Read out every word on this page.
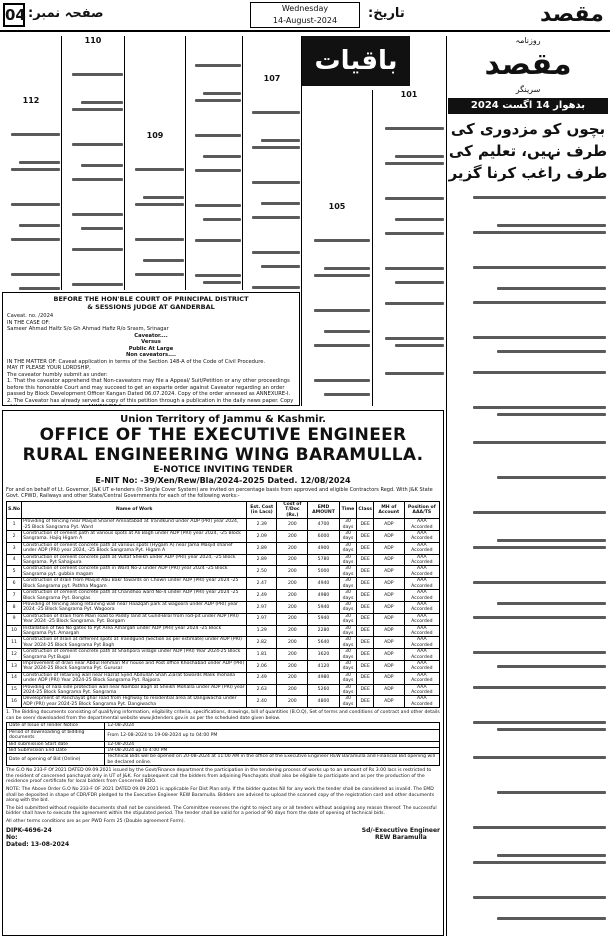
04 صفحہ نمبر:	Wednesday
14-August-2024	تاریخ:	مقصد
112
110
109
107
باقیات
105
101
روزنامہ
مقصد
سرینگر
بدھوار 14 اگست 2024
بچوں کو مزدوری کی طرف نہیں، تعلیم کی طرف راغب کرنا گزیر
BEFORE THE HON'BLE COURT OF PRINCIPAL DISTRICT
& SESSIONS JUDGE AT GANDERBAL
Caveat. no. /2024
IN THE CASE OF:
Sameer Ahmad Halfz S/o Gh Ahmad Hafiz R/o Srasm, Srinagar
Caveator....
Versus
Public At Large
Non caveators....
IN THE MATTER OF: Caveat application in terms of the Section 148-A of the Code of Civil Procedure.
MAY IT PLEASE YOUR LORDSHIP,
The caveator humbly submit as under:
1. That the caveator apprehend that Non-caveators may file a Appeal/ Suit/Petition or any other proceedings before this honorable Court and may succeed to get an exparte order against Caveator regarding an order passed by Block Development Officer Kangan Dated 06.07.2024. Copy of the order annexed as ANNEXURE-I.
2. The Caveator has already served a copy of this petition through a publication in the daily news paper. Copy
Union Territory of Jammu & Kashmir.
OFFICE OF THE EXECUTIVE ENGINEER
RURAL ENGINEERING WING BARAMULLA.
E-NOTICE INVITING TENDER
E-NIT No: -39/Xen/Rew/Bla/2024-2025 Dated. 12/08/2024
For and on behalf of Lt. Governor, J&K UT e-tenders (In Single Cover System) are invited on percentage basis from approved and eligible Contractors Regd. With J&K State Govt. CPWD, Railways and other State/Central Governments for each of the following works:-
S.No	Name of Work	Est. Cost (in Lacs)	Cost of T/Doc (Rs.)	EMD AMOUNT	Time	Class	MH of Account	Position of AAA/TS
1	Providing of fencing near Masjid Sharief Amnatabad at Trandkund under ADP (PRI) year 2024, -25 Block Sangrama Pyt. Ward	2.39	200	4700	30 days	DEE	ADP	AAA Accorded
2	Construction of cement path at various spots at Ali Bagh under ADP (PRI) year 2024, -25 Block Sangrama. Hajiq Higam A	2.09	200	6000	30 days	DEE	ADP	AAA Accorded
3	Construction of cement concrete path at various spots (Hygam A) near Jama Masjid sharief under ADP (PRI) year 2024, -25 Block Sangrama Pyt. Higam A	2.89	200	4900	30 days	DEE	ADP	AAA Accorded
4	Construction of cement concrete path at Vultaf Sheikh under ADP (PRI) year 2024, -25 Block Sangrama. Pyt Sahajpura	2.89	200	5780	30 days	DEE	ADP	AAA Accorded
5	Construction of cement concrete path in Ward No-2 under ADP (PRI) year 2024 -25 Block Sangrama pyt. gubbia magam	2.50	200	5000	30 days	DEE	ADP	AAA Accorded
6	Construction of drain from Masjid Abu Bakr towards on Chowri under ADP (PRI) year 2024 -25 Block Sangrama pyt. Pathha Magam	2.47	200	4940	30 days	DEE	ADP	AAA Accorded
7	Construction of cement concrete path at Chandhoo ward No-4 under ADP (PRI) year 2024 -25 Block Sangrama Pyt. Bonglas	2.49	200	4980	30 days	DEE	ADP	AAA Accorded
8	Providing of fencing along retaining wall near Haazqah park at wagoora under ADP (PRI) year 2024 -25 Block Sangrama Pyt. Wagoora	2.97	200	5940	30 days	DEE	ADP	AAA Accorded
9	Construction of drain from Main road to Paddy land at Gund-Bilal from rod-pit under ADP (PRI) Year 2024 -25 Block Sangrama. Pyt. Borgam	2.97	200	5940	30 days	DEE	ADP	AAA Accorded
10	Installation of two No gates to Pyt Area Amargah under ADP (PRI) year 2024 -25 Block Sangrama Pyt. Amargah	1.29	200	2280	30 days	DEE	ADP	AAA Accorded
11	Construction of drain at different spots at Trandgund (Section as per estimate) under ADP (PRI) Year 2024-25 Block Sangrama Pyt Bagh	2.82	200	5640	30 days	DEE	ADP	AAA Accorded
12	Construction of cement concrete path at Shahpora village under ADP (PRI) Year 2024-25 Block Sangrama Pyt Bugal	1.81	200	3620	30 days	DEE	ADP	AAA Accorded
13	Improvement of drain near Abdul Rehman Mir house and Post office Khoshabad under ADP (PRI) Year 2024-25 Block Sangrama Pyt. Gurusar	2.06	200	4120	30 days	DEE	ADP	AAA Accorded
14	Construction of retaining wall near Hazrat Syed Abdullah Shah Ziarat towards Malik mohalla under ADP (PRI) Year 2024-25 Block Sangrama Pyt. Rajpora	2.49	200	4980	30 days	DEE	ADP	AAA Accorded
15	Providing of nala side protection wall near Nambal Bagh at Sheikh Mohalla under ADP (PRI) year 2024-25 Block Sangrama Pyt. Sangrama	2.63	200	5260	30 days	DEE	ADP	AAA Accorded
16	Development of Panchayat ghar road from Highway to residential area at Dangiwacha under ADP (PRI) year 2024-25 Block Sangrama Pyt. Dangiwacha	2.40	200	4800	30 days	DEE	ADP	AAA Accorded
1. The Bidding documents consisting of qualifying information, eligibility criteria, specifications, drawings, bill of quantities (B.O.Q), Set of terms and conditions of contract and other details can be seen/ downloaded from the departmental website www.jktenders.gov.in as per the scheduled date given below.
Date of Issue of Tender Notice	12-08-2024
Period of downloading of bidding documents	From 12-08-2024 to 19-08-2024 up to 04:00 PM
Bid submission Start date	12-08-2024
Bid Submission End Date	19-08-2024 up to 4:00 PM
Date of opening of Bid (Online)	Technical Bids will be opened on 20-08-2024 at 11:00 AM in the office of the Executive Engineer REW Baramulla and Financial Bid opening will be declared online.
The G.O No 233-F Of 2021 DATED 09.09.2021 issued by the Govt/Finance department the participation in the tendering process of works up to an amount of Rs 3.00 lacs is restricted to the resident of concerned panchayat only in UT of J&K. For subsequent call the bidders from adjoining Panchayats shall also be eligible to participate and as per the production of the residence proof certificate for local bidders from Concerned BDO.
NOTE: The Above Order G.O No 233-F OF 2021 DATED 09.09.2021 is applicable For Dist Plan only. If the bidder quotes Nil for any work the tender shall be considered as invalid. The EMD shall be deposited in shape of CDR/FDR pledged to the Executive Engineer REW Baramulla. Bidders are advised to upload the scanned copy of the registration card and other documents along with the bid.
The bid submitted without requisite documents shall not be considered. The Committee reserves the right to reject any or all tenders without assigning any reason thereof. The successful bidder shall have to execute the agreement within the stipulated period. The tender shall be valid for a period of 90 days from the date of opening of technical bids.
All other terms conditions are as per PWD Form 25 (Double agreement Form).
DIPK-4696-24
No:
Dated: 13-08-2024
Sd/-Executive Engineer
REW Baramulla
